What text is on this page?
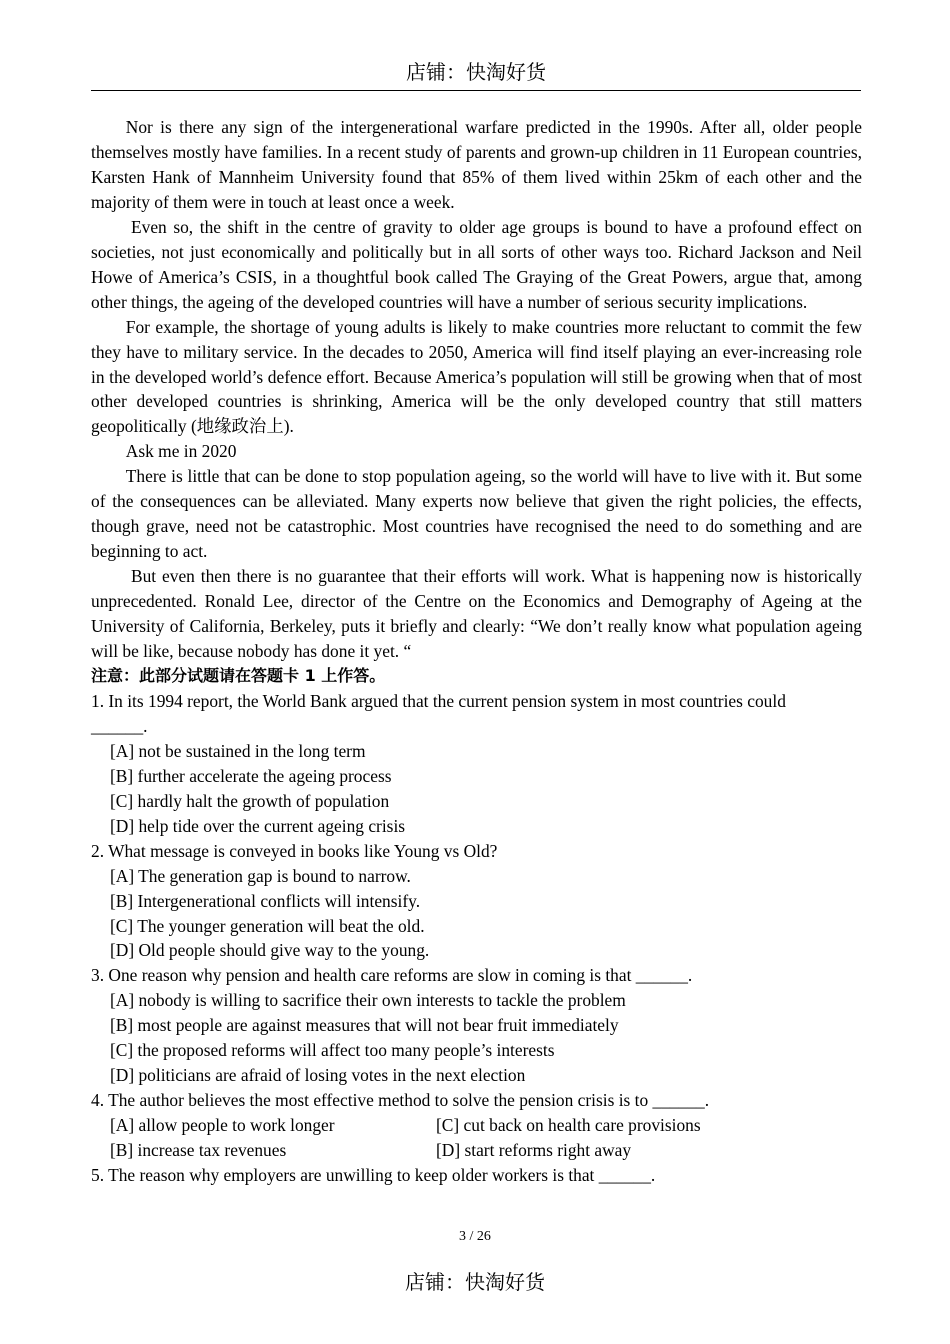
店铺：快淘好货

Nor is there any sign of the intergenerational warfare predicted in the 1990s. After all, older people themselves mostly have families. In a recent study of parents and grown-up children in 11 European countries, Karsten Hank of Mannheim University found that 85% of them lived within 25km of each other and the majority of them were in touch at least once a week.

Even so, the shift in the centre of gravity to older age groups is bound to have a profound effect on societies, not just economically and politically but in all sorts of other ways too. Richard Jackson and Neil Howe of America’s CSIS, in a thoughtful book called The Graying of the Great Powers, argue that, among other things, the ageing of the developed countries will have a number of serious security implications.

For example, the shortage of young adults is likely to make countries more reluctant to commit the few they have to military service. In the decades to 2050, America will find itself playing an ever-increasing role in the developed world’s defence effort. Because America’s population will still be growing when that of most other developed countries is shrinking, America will be the only developed country that still matters geopolitically (地缘政治上).

Ask me in 2020

There is little that can be done to stop population ageing, so the world will have to live with it. But some of the consequences can be alleviated. Many experts now believe that given the right policies, the effects, though grave, need not be catastrophic. Most countries have recognised the need to do something and are beginning to act.

But even then there is no guarantee that their efforts will work. What is happening now is historically unprecedented. Ronald Lee, director of the Centre on the Economics and Demography of Ageing at the University of California, Berkeley, puts it briefly and clearly: “We don’t really know what population ageing will be like, because nobody has done it yet. “

注意：此部分试题请在答题卡 1 上作答。

1. In its 1994 report, the World Bank argued that the current pension system in most countries could

______.

[A] not be sustained in the long term

[B] further accelerate the ageing process

[C] hardly halt the growth of population

[D] help tide over the current ageing crisis

2. What message is conveyed in books like Young vs Old?

[A] The generation gap is bound to narrow.

[B] Intergenerational conflicts will intensify.

[C] The younger generation will beat the old.

[D] Old people should give way to the young.

3. One reason why pension and health care reforms are slow in coming is that ______.

[A] nobody is willing to sacrifice their own interests to tackle the problem

[B] most people are against measures that will not bear fruit immediately

[C] the proposed reforms will affect too many people’s interests

[D] politicians are afraid of losing votes in the next election

4. The author believes the most effective method to solve the pension crisis is to ______.

[A] allow people to work longer	[C] cut back on health care provisions
[B] increase tax revenues	[D] start reforms right away

5. The reason why employers are unwilling to keep older workers is that ______.

3 / 26
店铺：快淘好货
